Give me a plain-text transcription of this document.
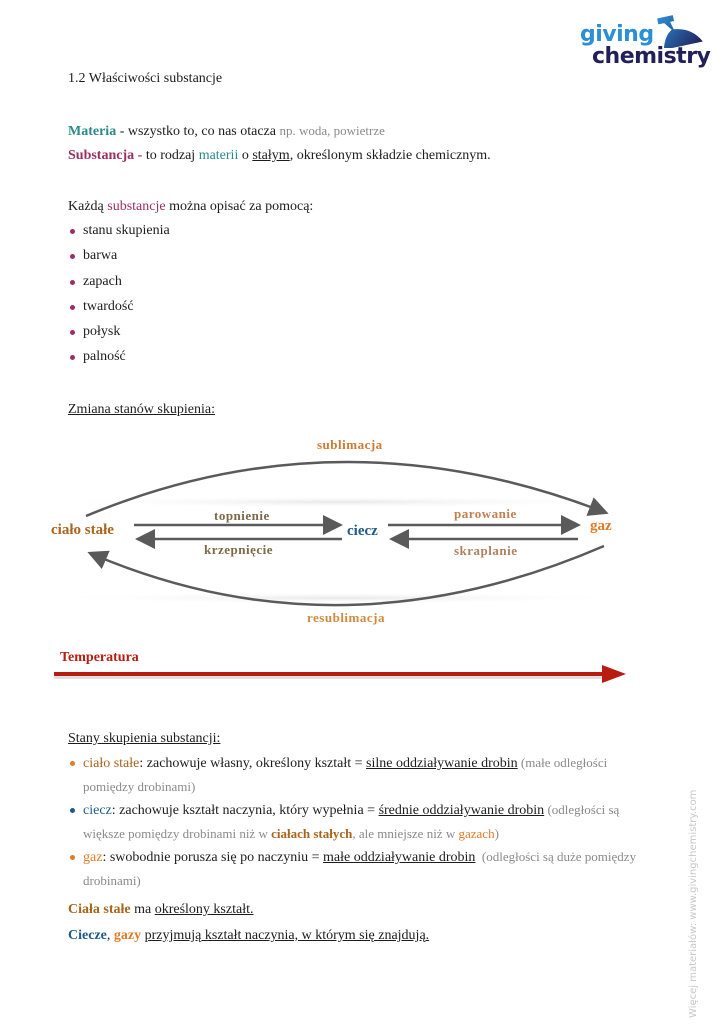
giving
chemistry
1.2 Właściwości substancje
Materia - wszystko to, co nas otacza np. woda, powietrze
Substancja - to rodzaj materii o stałym, określonym składzie chemicznym.
Każdą substancje można opisać za pomocą:
stanu skupienia
barwa
zapach
twardość
połysk
palność
Zmiana stanów skupienia:
sublimacja
topnienie
krzepnięcie
parowanie
skraplanie
resublimacja
ciało stałe	ciecz	gaz
Temperatura
Stany skupienia substancji:
ciało stałe: zachowuje własny, określony kształt = silne oddziaływanie drobin (małe odległości pomiędzy drobinami)
ciecz: zachowuje kształt naczynia, który wypełnia = średnie oddziaływanie drobin (odległości są większe pomiędzy drobinami niż w ciałach stałych, ale mniejsze niż w gazach)
gaz: swobodnie porusza się po naczyniu = małe oddziaływanie drobin  (odległości są duże pomiędzy drobinami)
Ciała stałe ma określony kształt.
Ciecze, gazy przyjmują kształt naczynia, w którym się znajdują.	Więcej materiałów: www.givingchemistry.com
